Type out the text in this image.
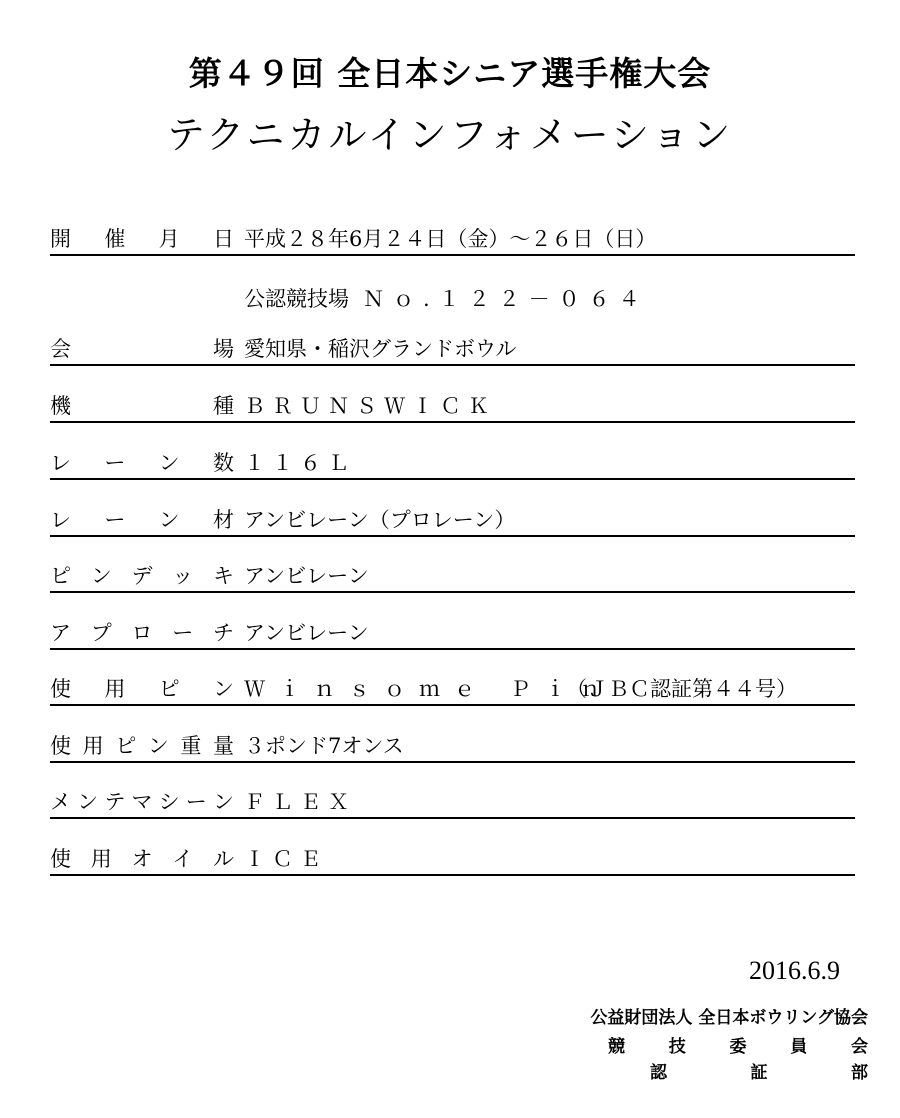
第４９回 全日本シニア選手権大会
テクニカルインフォメーション
開 催 月 日 平成２８年6月２４日（金）～２６日（日）
公認競技場 Ｎｏ.１２２－０６４
会	場 愛知県・稲沢グランドボウル
機	種 ＢＲＵＮＳＷＩＣＫ
レ ー ン 数 １１６Ｌ
レ ー ン 材 アンビレーン（プロレーン）
ピ ン デ ッ キ アンビレーン
ア プ ロ ー チ アンビレーン
使 用 ピ ン Ｗｉｎｓｏｍｅ Ｐｉｎ
（ＪＢＣ認証第４４号）
使 用 ピ ン 重 量 ３ポンド7オンス
メ ン テ マ シ ー ン ＦＬＥＸ
使 用 オ イ ル ＩＣＥ
2016.6.9
公益財団法人 全日本ボウリング協会
競	技	委	員	会
認	証	部
